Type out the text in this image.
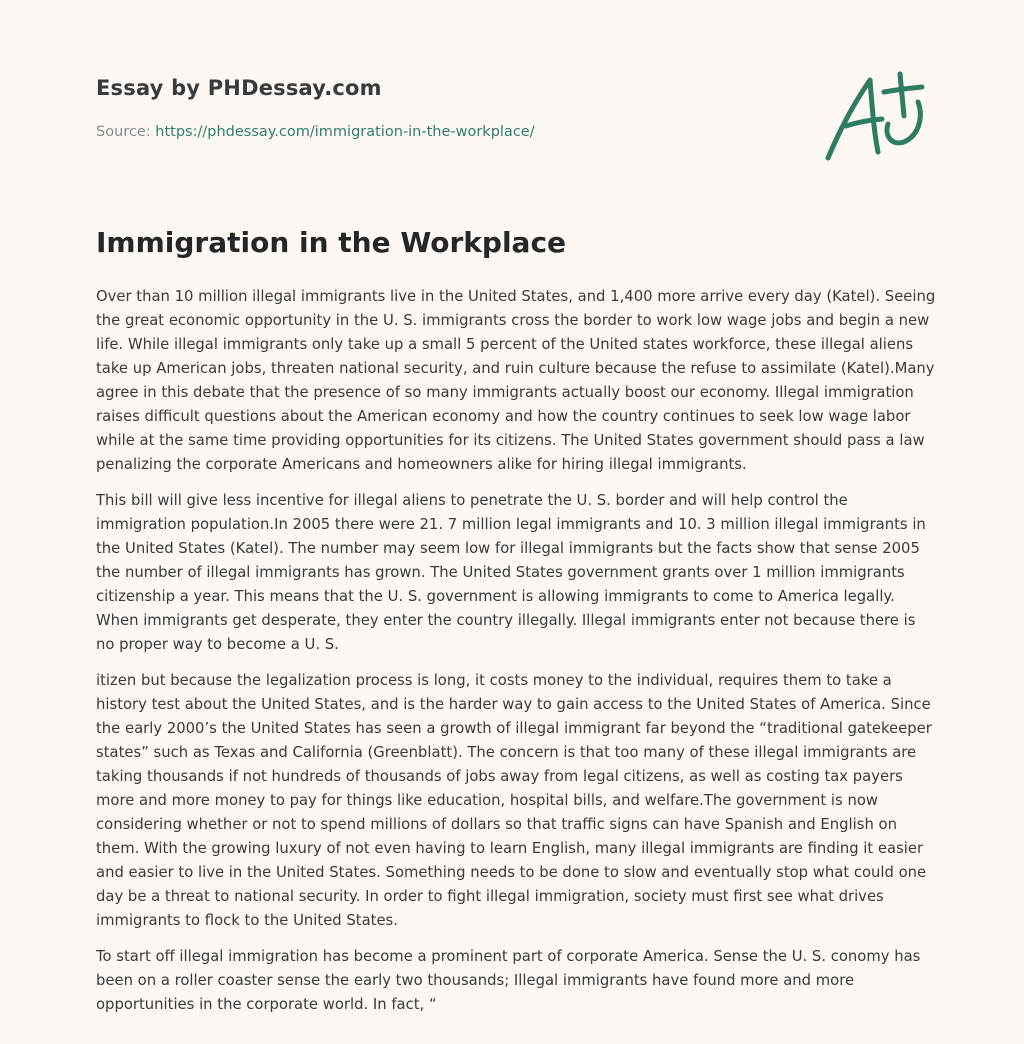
Essay by PHDessay.com

Source: https://phdessay.com/immigration-in-the-workplace/

Immigration in the Workplace

Over than 10 million illegal immigrants live in the United States, and 1,400 more arrive every day (Katel). Seeing the great economic opportunity in the U. S. immigrants cross the border to work low wage jobs and begin a new life. While illegal immigrants only take up a small 5 percent of the United states workforce, these illegal aliens take up American jobs, threaten national security, and ruin culture because the refuse to assimilate (Katel).Many agree in this debate that the presence of so many immigrants actually boost our economy. Illegal immigration raises difficult questions about the American economy and how the country continues to seek low wage labor while at the same time providing opportunities for its citizens. The United States government should pass a law penalizing the corporate Americans and homeowners alike for hiring illegal immigrants.

This bill will give less incentive for illegal aliens to penetrate the U. S. border and will help control the immigration population.In 2005 there were 21. 7 million legal immigrants and 10. 3 million illegal immigrants in the United States (Katel). The number may seem low for illegal immigrants but the facts show that sense 2005 the number of illegal immigrants has grown. The United States government grants over 1 million immigrants citizenship a year. This means that the U. S. government is allowing immigrants to come to America legally. When immigrants get desperate, they enter the country illegally. Illegal immigrants enter not because there is no proper way to become a U. S.

itizen but because the legalization process is long, it costs money to the individual, requires them to take a history test about the United States, and is the harder way to gain access to the United States of America. Since the early 2000’s the United States has seen a growth of illegal immigrant far beyond the “traditional gatekeeper states” such as Texas and California (Greenblatt). The concern is that too many of these illegal immigrants are taking thousands if not hundreds of thousands of jobs away from legal citizens, as well as costing tax payers more and more money to pay for things like education, hospital bills, and welfare.The government is now considering whether or not to spend millions of dollars so that traffic signs can have Spanish and English on them. With the growing luxury of not even having to learn English, many illegal immigrants are finding it easier and easier to live in the United States. Something needs to be done to slow and eventually stop what could one day be a threat to national security. In order to fight illegal immigration, society must first see what drives immigrants to flock to the United States.

To start off illegal immigration has become a prominent part of corporate America. Sense the U. S. conomy has been on a roller coaster sense the early two thousands; Illegal immigrants have found more and more opportunities in the corporate world. In fact, “
